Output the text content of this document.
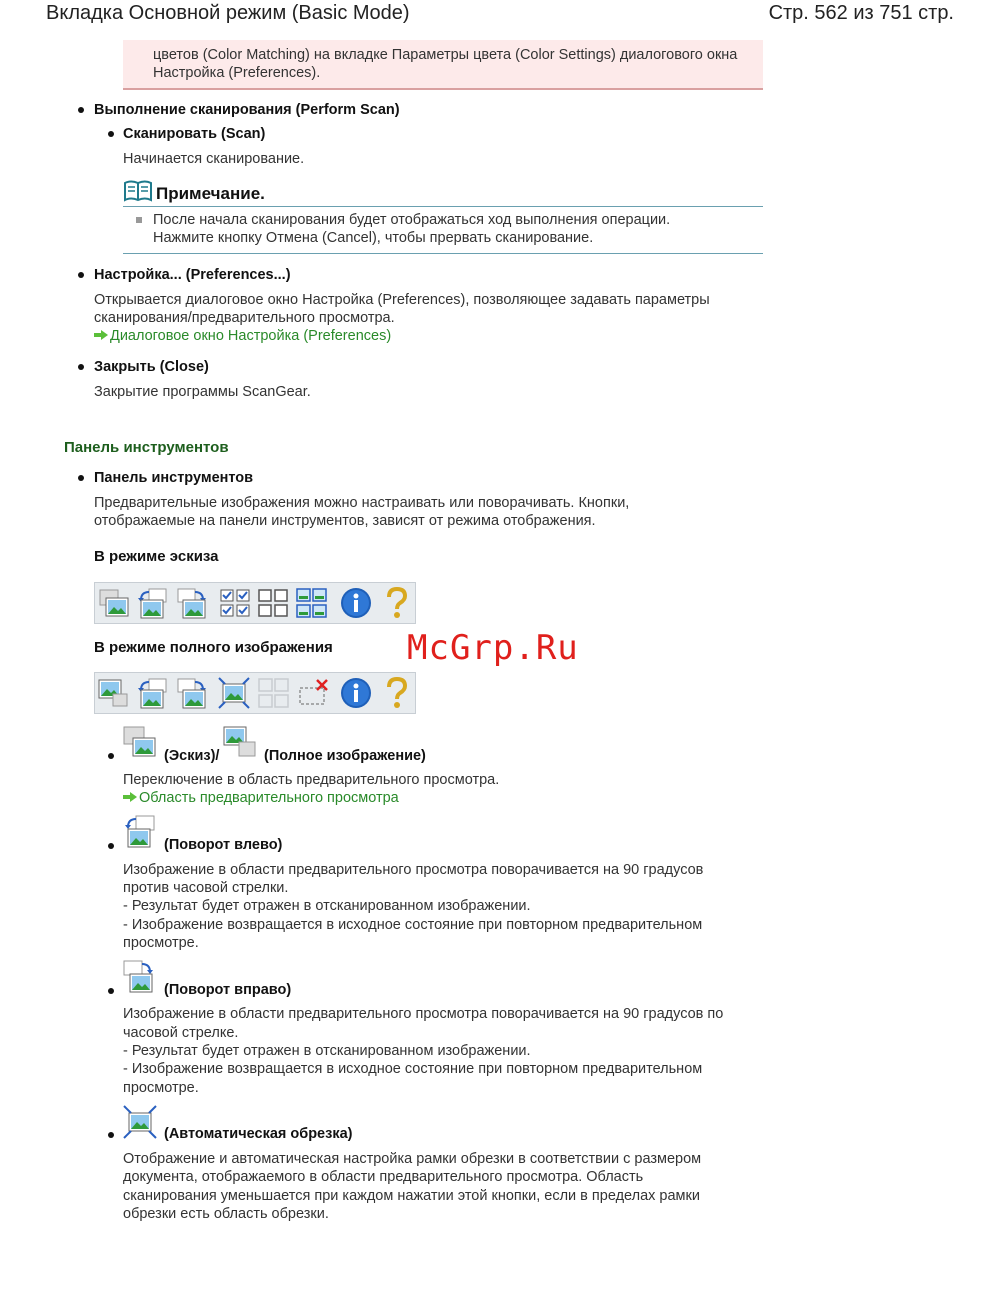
Вкладка Основной режим (Basic Mode)	Стр. 562 из 751 стр.
цветов (Color Matching) на вкладке Параметры цвета (Color Settings) диалогового окна
Настройка (Preferences).
Выполнение сканирования (Perform Scan)
Сканировать (Scan)
Начинается сканирование.
Примечание.
После начала сканирования будет отображаться ход выполнения операции.
Нажмите кнопку Отмена (Cancel), чтобы прервать сканирование.
Настройка... (Preferences...)
Открывается диалоговое окно Настройка (Preferences), позволяющее задавать параметры
сканирования/предварительного просмотра.
Диалоговое окно Настройка (Preferences)
Закрыть (Close)
Закрытие программы ScanGear.
Панель инструментов
Панель инструментов
Предварительные изображения можно настраивать или поворачивать. Кнопки,
отображаемые на панели инструментов, зависят от режима отображения.
В режиме эскиза
В режиме полного изображения McGrp.Ru
(Эскиз)/	(Полное изображение)
Переключение в область предварительного просмотра.
Область предварительного просмотра
(Поворот влево)
Изображение в области предварительного просмотра поворачивается на 90 градусов
против часовой стрелки.
- Результат будет отражен в отсканированном изображении.
- Изображение возвращается в исходное состояние при повторном предварительном
просмотре.
(Поворот вправо)
Изображение в области предварительного просмотра поворачивается на 90 градусов по
часовой стрелке.
- Результат будет отражен в отсканированном изображении.
- Изображение возвращается в исходное состояние при повторном предварительном
просмотре.
(Автоматическая обрезка)
Отображение и автоматическая настройка рамки обрезки в соответствии с размером
документа, отображаемого в области предварительного просмотра. Область
сканирования уменьшается при каждом нажатии этой кнопки, если в пределах рамки
обрезки есть область обрезки.
